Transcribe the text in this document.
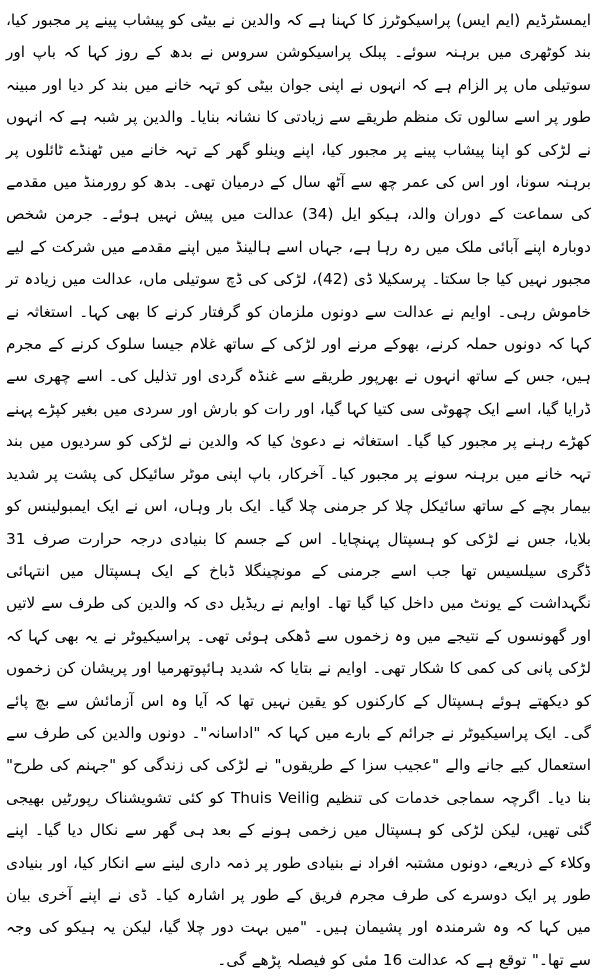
ایمسٹرڈیم (ایم ایس) پراسیکوٹرز کا کہنا ہے کہ والدین نے بیٹی کو پیشاب پینے پر مجبور کیا، بند کوٹھری میں برہنہ سوئے۔ پبلک پراسیکوشن سروس نے بدھ کے روز کہا کہ باپ اور سوتیلی ماں پر الزام ہے کہ انہوں نے اپنی جوان بیٹی کو تہہ خانے میں بند کر دیا اور مبینہ طور پر اسے سالوں تک منظم طریقے سے زیادتی کا نشانہ بنایا۔ والدین پر شبہ ہے کہ انہوں نے لڑکی کو اپنا پیشاب پینے پر مجبور کیا، اپنے وینلو گھر کے تہہ خانے میں ٹھنڈے ٹائلوں پر برہنہ سونا، اور اس کی عمر چھ سے آٹھ سال کے درمیان تھی۔ بدھ کو رورمنڈ میں مقدمے کی سماعت کے دوران والد، ہیکو ایل (34) عدالت میں پیش نہیں ہوئے۔ جرمن شخص دوبارہ اپنے آبائی ملک میں رہ رہا ہے، جہاں اسے ہالینڈ میں اپنے مقدمے میں شرکت کے لیے مجبور نہیں کیا جا سکتا۔ پرسکیلا ڈی (42)، لڑکی کی ڈچ سوتیلی ماں، عدالت میں زیادہ تر خاموش رہی۔ اوایم نے عدالت سے دونوں ملزمان کو گرفتار کرنے کا بھی کہا۔ استغاثہ نے کہا کہ دونوں حملہ کرنے، بھوکے مرنے اور لڑکی کے ساتھ غلام جیسا سلوک کرنے کے مجرم ہیں، جس کے ساتھ انہوں نے بھرپور طریقے سے غنڈہ گردی اور تذلیل کی۔ اسے چھری سے ڈرایا گیا، اسے ایک چھوٹی سی کتیا کہا گیا، اور رات کو بارش اور سردی میں بغیر کپڑے پہنے کھڑے رہنے پر مجبور کیا گیا۔ استغاثہ نے دعویٰ کیا کہ والدین نے لڑکی کو سردیوں میں بند تہہ خانے میں برہنہ سونے پر مجبور کیا۔ آخرکار، باپ اپنی موٹر سائیکل کی پشت پر شدید بیمار بچے کے ساتھ سائیکل چلا کر جرمنی چلا گیا۔ ایک بار وہاں، اس نے ایک ایمبولینس کو بلایا، جس نے لڑکی کو ہسپتال پہنچایا۔ اس کے جسم کا بنیادی درجہ حرارت صرف 31 ڈگری سیلسیس تھا جب اسے جرمنی کے مونچینگلا ڈباخ کے ایک ہسپتال میں انتہائی نگہداشت کے یونٹ میں داخل کیا گیا تھا۔ اوایم نے ریڈیل دی کہ والدین کی طرف سے لاتیں اور گھونسوں کے نتیجے میں وہ زخموں سے ڈھکی ہوئی تھی۔ پراسیکیوٹر نے یہ بھی کہا کہ لڑکی پانی کی کمی کا شکار تھی۔ اوایم نے بتایا کہ شدید ہائپوتھرمیا اور پریشان کن زخموں کو دیکھتے ہوئے ہسپتال کے کارکنوں کو یقین نہیں تھا کہ آیا وہ اس آزمائش سے بچ پائے گی۔ ایک پراسیکیوٹر نے جرائم کے بارے میں کہا کہ "اداسانہ"۔ دونوں والدین کی طرف سے استعمال کیے جانے والے "عجیب سزا کے طریقوں" نے لڑکی کی زندگی کو "جہنم کی طرح" بنا دیا۔ اگرچہ سماجی خدمات کی تنظیم Thuis Veilig کو کئی تشویشناک رپورٹیں بھیجی گئی تھیں، لیکن لڑکی کو ہسپتال میں زخمی ہونے کے بعد ہی گھر سے نکال دیا گیا۔ اپنے وکلاء کے ذریعے، دونوں مشتبہ افراد نے بنیادی طور پر ذمہ داری لینے سے انکار کیا، اور بنیادی طور پر ایک دوسرے کی طرف مجرم فریق کے طور پر اشارہ کیا۔ ڈی نے اپنے آخری بیان میں کہا کہ وہ شرمندہ اور پشیمان ہیں۔ "میں بہت دور چلا گیا، لیکن یہ ہیکو کی وجہ سے تھا۔" توقع ہے کہ عدالت 16 مئی کو فیصلہ پڑھے گی۔
